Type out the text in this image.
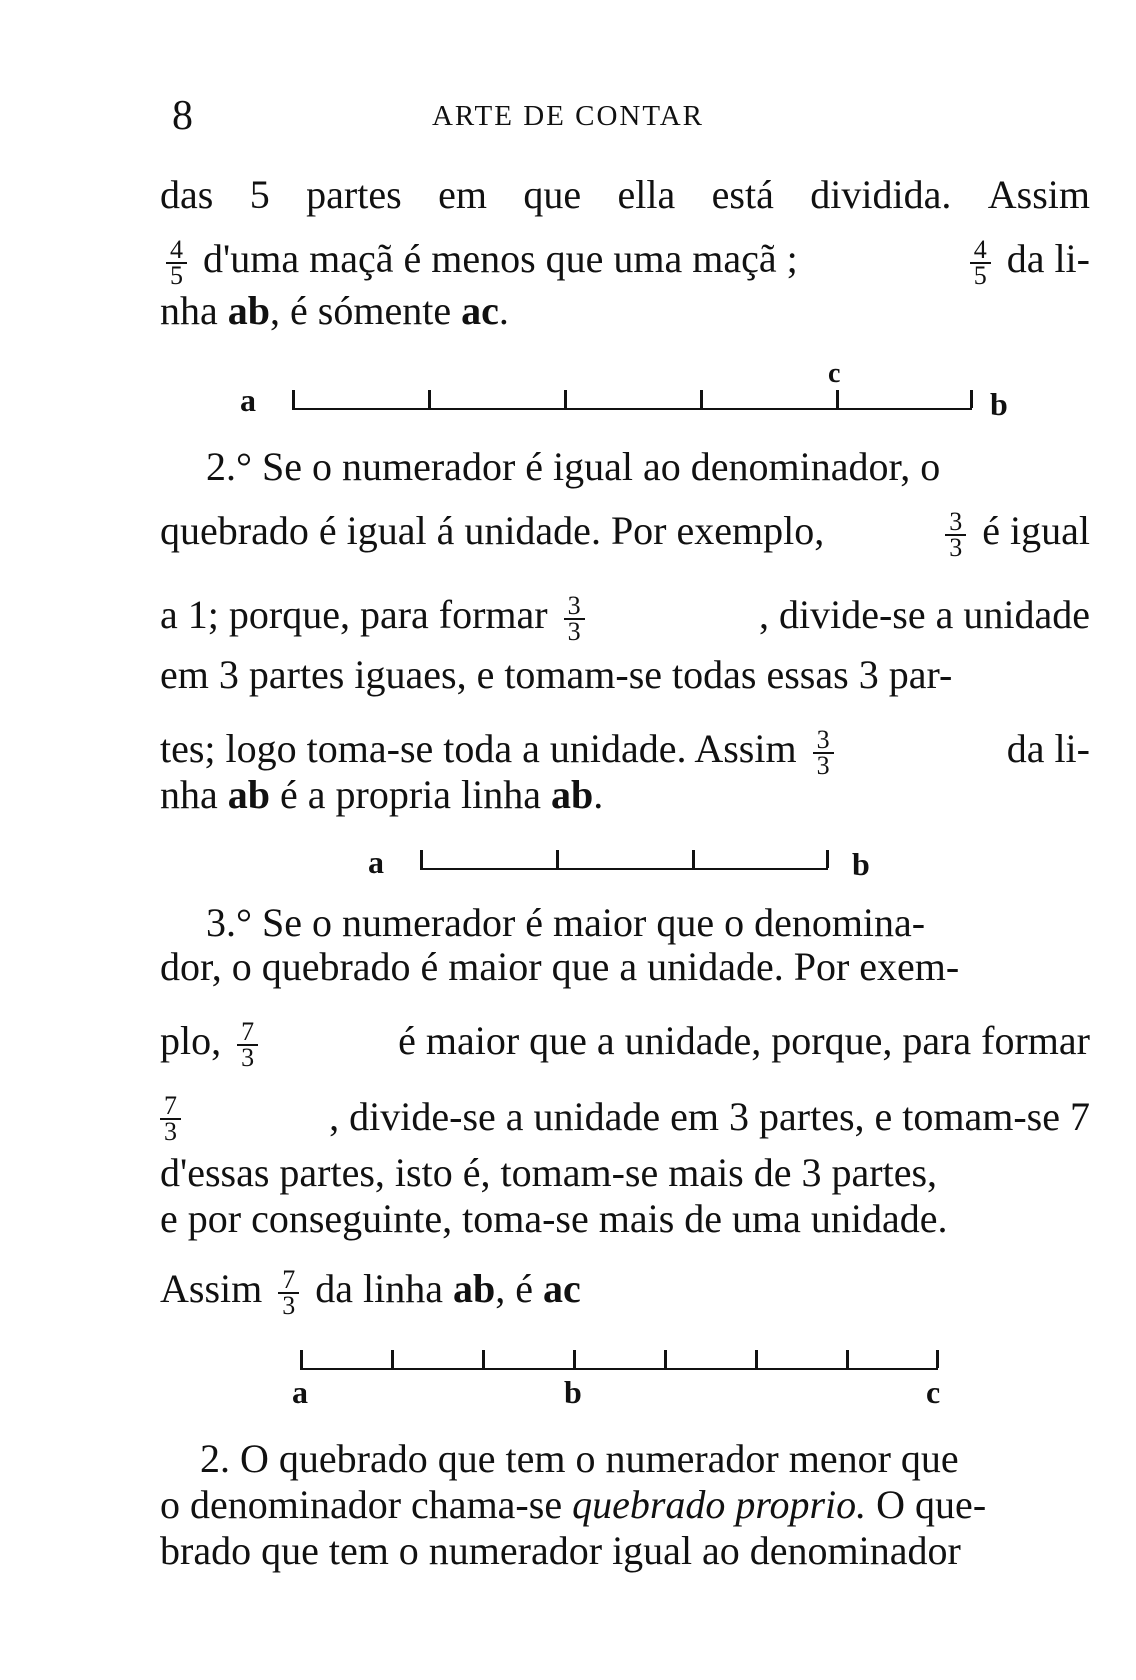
8	ARTE DE CONTAR
das 5 partes em que ella está dividida. Assim
$\frac{4}{5} d'uma$ maçã é menos que uma maçã ;	$\frac{4}{5}$ da li-
nha ab, é sómente ac.
a
c
b
2.° Se o numerador é igual ao denominador, o
quebrado é igual á unidade. Por exemplo,	$\frac{3}{3}$ é igual
a 1; porque, para formar $\frac{3}{3}$	, divide-se a unidade
em 3 partes iguaes, e tomam-se todas essas 3 par-
tes; logo toma-se toda a unidade. Assim $\frac{3}{3}$	da li-
nha ab é a propria linha ab.
a	b
3.° Se o numerador é maior que o denomina-
dor, o quebrado é maior que a unidade. Por exem-
plo, $\frac{7}{3}$	é maior que a unidade, porque, para formar
$\frac{7}{3}$	, divide-se a unidade em 3 partes, e tomam-se 7
d'essas partes, isto é, tomam-se mais de 3 partes,
e por conseguinte, toma-se mais de uma unidade.
Assim $\frac{7}{3}$ da linha ab, é ac
a	b	c
2. O quebrado que tem o numerador menor que
o denominador chama-se quebrado proprio. O que-
brado que tem o numerador igual ao denominador
